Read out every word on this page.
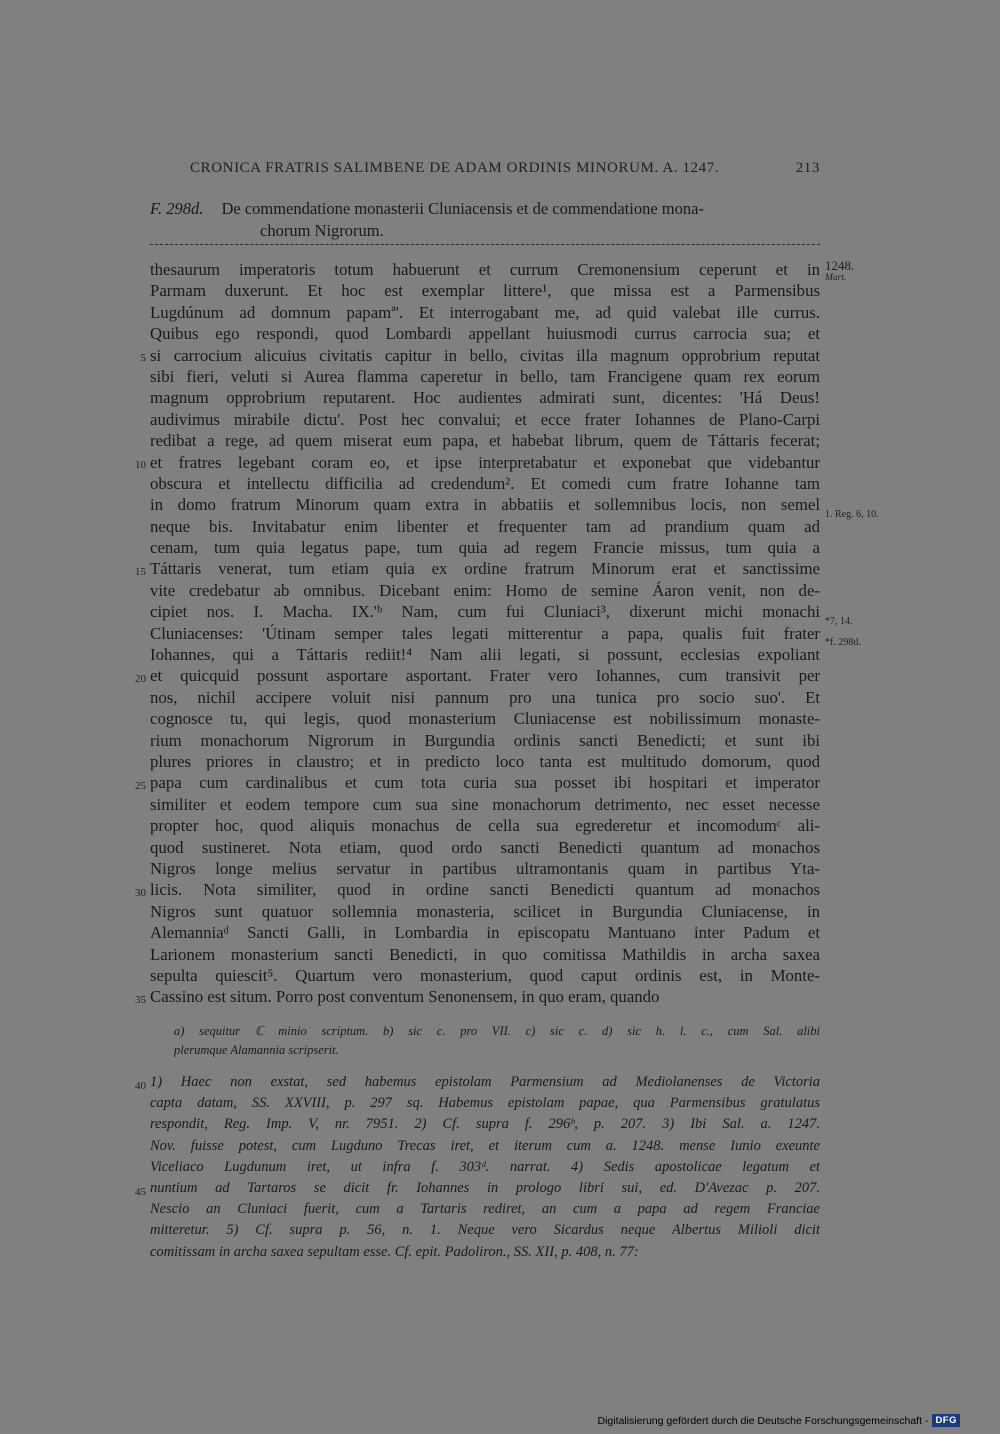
CRONICA FRATRIS SALIMBENE DE ADAM ORDINIS MINORUM. A. 1247.	213
F. 298d. De commendatione monasterii Cluniacensis et de commendatione mona-
chorum Nigrorum.
1248.
Mart.
1. Reg. 6, 10.
*7, 14.
*f. 298d.
thesaurum imperatoris totum habuerunt et currum Cremonensium ceperunt et in
Parmam duxerunt. Et hoc est exemplar littere¹, que missa est a Parmensibus
Lugdúnum ad domnum papamª'. Et interrogabant me, ad quid valebat ille currus.
Quibus ego respondi, quod Lombardi appellant huiusmodi currus carrocia sua; et
si carrocium alicuius civitatis capitur in bello, civitas illa magnum opprobrium reputat
5
sibi fieri, veluti si Aurea flamma caperetur in bello, tam Francigene quam rex eorum
magnum opprobrium reputarent. Hoc audientes admirati sunt, dicentes: 'Há Deus!
audivimus mirabile dictu'. Post hec convalui; et ecce frater Iohannes de Plano-Carpi
redibat a rege, ad quem miserat eum papa, et habebat librum, quem de Táttaris fecerat;
et fratres legebant coram eo, et ipse interpretabatur et exponebat que videbantur
10
obscura et intellectu difficilia ad credendum². Et comedi cum fratre Iohanne tam
in domo fratrum Minorum quam extra in abbatiis et sollemnibus locis, non semel
neque bis. Invitabatur enim libenter et frequenter tam ad prandium quam ad
cenam, tum quia legatus pape, tum quia ad regem Francie missus, tum quia a
Táttaris venerat, tum etiam quia ex ordine fratrum Minorum erat et sanctissime
15
vite credebatur ab omnibus. Dicebant enim: Homo de semine Áaron venit, non de-
cipiet nos. I. Macha. IX.'ᵇ Nam, cum fui Cluniaci³, dixerunt michi monachi
Cluniacenses: 'Útinam semper tales legati mitterentur a papa, qualis fuit frater
Iohannes, qui a Táttaris rediit!⁴ Nam alii legati, si possunt, ecclesias expoliant
et quicquid possunt asportare asportant. Frater vero Iohannes, cum transivit per
20
nos, nichil accipere voluit nisi pannum pro una tunica pro socio suo'. Et
cognosce tu, qui legis, quod monasterium Cluniacense est nobilissimum monaste-
rium monachorum Nigrorum in Burgundia ordinis sancti Benedicti; et sunt ibi
plures priores in claustro; et in predicto loco tanta est multitudo domorum, quod
papa cum cardinalibus et cum tota curia sua posset ibi hospitari et imperator
25
similiter et eodem tempore cum sua sine monachorum detrimento, nec esset necesse
propter hoc, quod aliquis monachus de cella sua egrederetur et incomodumᶜ ali-
quod sustineret. Nota etiam, quod ordo sancti Benedicti quantum ad monachos
Nigros longe melius servatur in partibus ultramontanis quam in partibus Yta-
licis. Nota similiter, quod in ordine sancti Benedicti quantum ad monachos
30
Nigros sunt quatuor sollemnia monasteria, scilicet in Burgundia Cluniacense, in
Alemanniaᵈ Sancti Galli, in Lombardia in episcopatu Mantuano inter Padum et
Larionem monasterium sancti Benedicti, in quo comitissa Mathildis in archa saxea
sepulta quiescit⁵. Quartum vero monasterium, quod caput ordinis est, in Monte-
Cassino est situm. Porro post conventum Senonensem, in quo eram, quando
35
a) sequitur ℂ minio scriptum. b) sic c. pro VII. c) sic c. d) sic h. l. c., cum Sal. alibi
plerumque Alamannia scripserit.
1) Haec non exstat, sed habemus epistolam Parmensium ad Mediolanenses de Victoria
40
capta datam, SS. XXVIII, p. 297 sq. Habemus epistolam papae, qua Parmensibus gratulatus
respondit, Reg. Imp. V, nr. 7951. 2) Cf. supra f. 296ᵇ, p. 207. 3) Ibi Sal. a. 1247.
Nov. fuisse potest, cum Lugduno Trecas iret, et iterum cum a. 1248. mense Iunio exeunte
Viceliaco Lugdunum iret, ut infra f. 303ᵈ. narrat. 4) Sedis apostolicae legatum et
nuntium ad Tartaros se dicit fr. Iohannes in prologo libri sui, ed. D'Avezac p. 207.
45
Nescio an Cluniaci fuerit, cum a Tartaris rediret, an cum a papa ad regem Franciae
mitteretur. 5) Cf. supra p. 56, n. 1. Neque vero Sicardus neque Albertus Milioli dicit
comitissam in archa saxea sepultam esse. Cf. epit. Padoliron., SS. XII, p. 408, n. 77:
Digitalisierung gefördert durch die Deutsche Forschungsgemeinschaft - DFG
